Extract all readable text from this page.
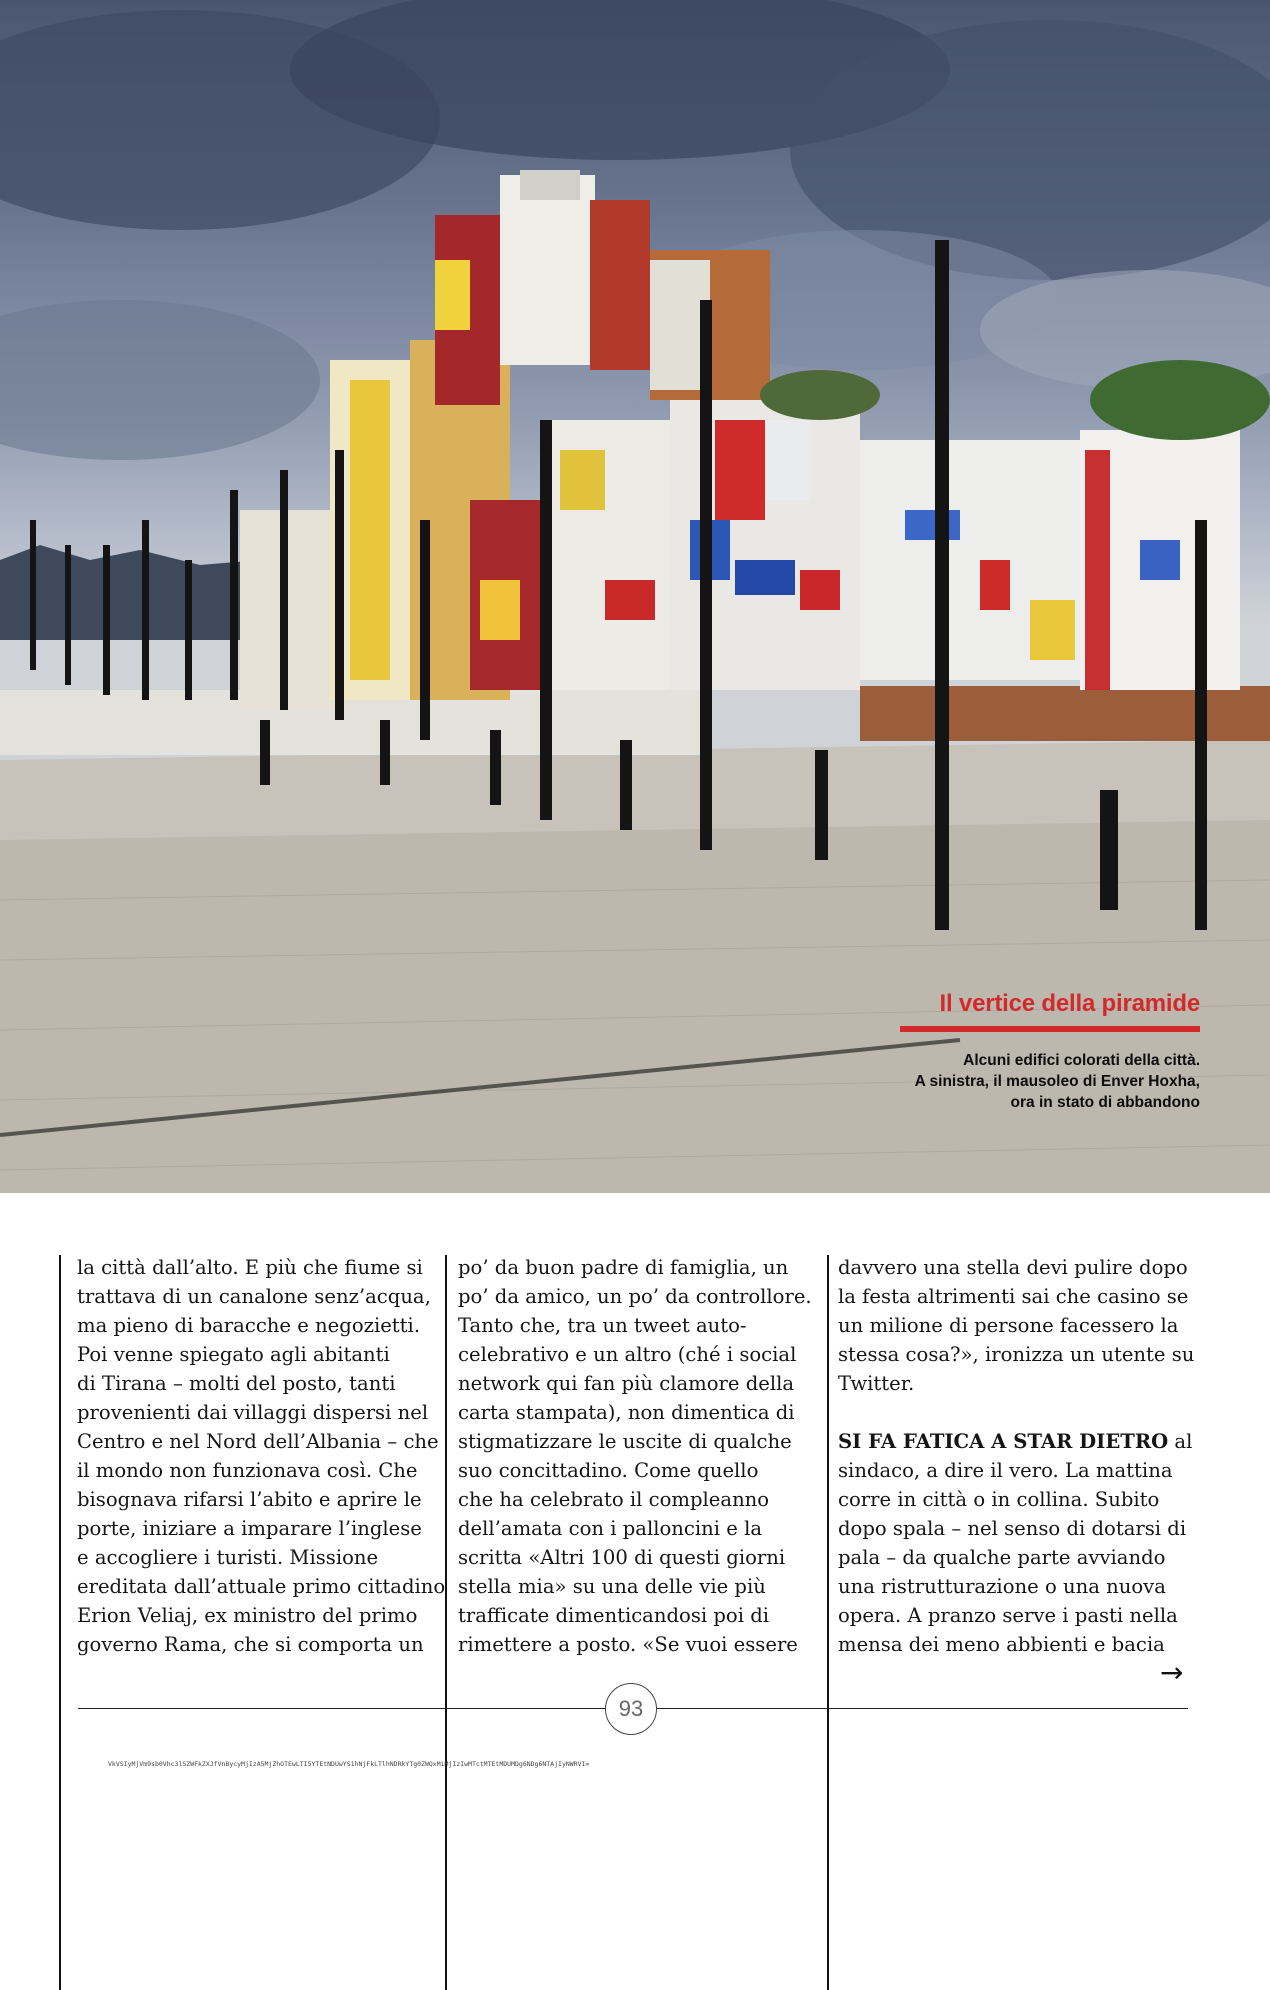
Il vertice della piramide
Alcuni edifici colorati della città.
A sinistra, il mausoleo di Enver Hoxha,
ora in stato di abbandono
la città dall’alto. E più che fiume si
trattava di un canalone senz’acqua,
ma pieno di baracche e negozietti.
Poi venne spiegato agli abitanti
di Tirana – molti del posto, tanti
provenienti dai villaggi dispersi nel
Centro e nel Nord dell’Albania – che
il mondo non funzionava così. Che
bisognava rifarsi l’abito e aprire le
porte, iniziare a imparare l’inglese
e accogliere i turisti. Missione
ereditata dall’attuale primo cittadino
Erion Veliaj, ex ministro del primo
governo Rama, che si comporta un
po’ da buon padre di famiglia, un
po’ da amico, un po’ da controllore.
Tanto che, tra un tweet auto-
celebrativo e un altro (ché i social
network qui fan più clamore della
carta stampata), non dimentica di
stigmatizzare le uscite di qualche
suo concittadino. Come quello
che ha celebrato il compleanno
dell’amata con i palloncini e la
scritta «Altri 100 di questi giorni
stella mia» su una delle vie più
trafficate dimenticandosi poi di
rimettere a posto. «Se vuoi essere
davvero una stella devi pulire dopo
la festa altrimenti sai che casino se
un milione di persone facessero la
stessa cosa?», ironizza un utente su
Twitter.
SI FA FATICA A STAR DIETRO al
sindaco, a dire il vero. La mattina
corre in città o in collina. Subito
dopo spala – nel senso di dotarsi di
pala – da qualche parte avviando
una ristrutturazione o una nuova
opera. A pranzo serve i pasti nella
mensa dei meno abbienti e bacia
→
93
VkVSIyMjVm9sb0Vhc3lSZWFkZXJfVnBycyMjIzA5MjZhOTEwLTI5YTEtNDUwYS1hNjFkLTlhNDRkYTg0ZWQxMiMjIzIwMTctMTEtMDUMDg6NDg6NTAjIyNWRVI=
